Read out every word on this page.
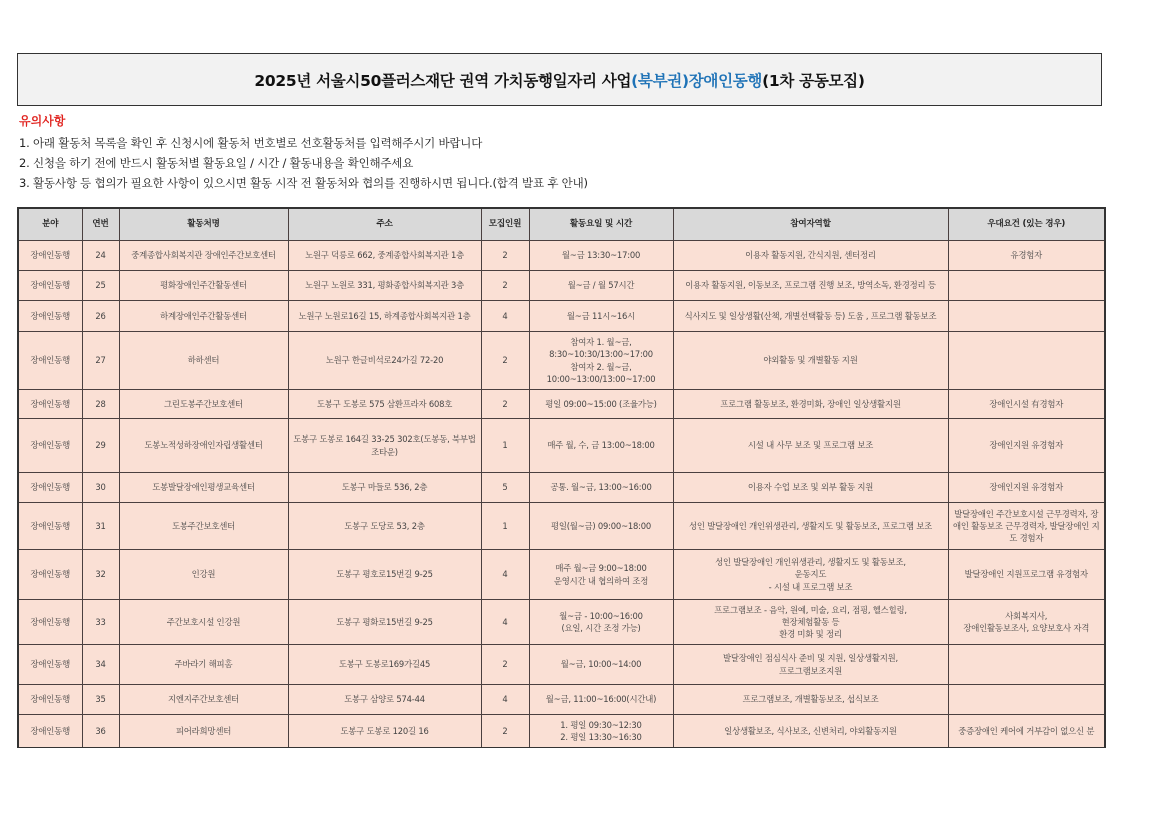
2025년 서울시50플러스재단 권역 가치동행일자리 사업 (북부권) 장애인동행 (1차 공동모집)
유의사항
1. 아래 활동처 목록을 확인 후 신청시에 활동처 번호별로 선호활동처를 입력해주시기 바랍니다
2. 신청을 하기 전에 반드시 활동처별 활동요일 / 시간 / 활동내용을 확인해주세요
3. 활동사항 등 협의가 필요한 사항이 있으시면 활동 시작 전 활동처와 협의를 진행하시면 됩니다.(합격 발표 후 안내)
분야	연번	활동처명	주소	모집인원	활동요일 및 시간	참여자역할	우대요건 (있는 경우)
장애인동행	24	중계종합사회복지관 장애인주간보호센터	노원구 덕릉로 662, 중계종합사회복지관 1층	2	월~금 13:30~17:00	이용자 활동지원, 간식지원, 센터정리	유경험자
장애인동행	25	평화장애인주간활동센터	노원구 노원로 331, 평화종합사회복지관 3층	2	월~금 / 월 57시간	이용자 활동지원, 이동보조, 프로그램 진행 보조, 방역소독, 환경정리 등	
장애인동행	26	하계장애인주간활동센터	노원구 노원로16길 15, 하계종합사회복지관 1층	4	월~금 11시~16시	식사지도 및 일상생활(산책, 개별선택활동 등) 도움 , 프로그램 활동보조	
장애인동행	27	하하센터	노원구 한글비석로24가길 72-20	2	참여자 1. 월~금,
8:30~10:30/13:00~17:00
참여자 2. 월~금,
10:00~13:00/13:00~17:00	야외활동 및 개별활동 지원	
장애인동행	28	그린도봉주간보호센터	도봉구 도봉로 575 삼환프라자 608호	2	평일 09:00~15:00 (조율가능)	프로그램 활동보조, 환경미화, 장애인 일상생활지원	장애인시설 有경험자
장애인동행	29	도봉노적성하장애인자립생활센터	도봉구 도봉로 164길 33-25 302호(도봉동, 북부법조타운)	1	매주 월, 수, 금 13:00~18:00	시설 내 사무 보조 및 프로그램 보조	장애인지원 유경험자
장애인동행	30	도봉발달장애인평생교육센터	도봉구 마들로 536, 2층	5	공통. 월~금, 13:00~16:00	이용자 수업 보조 및 외부 활동 지원	장애인지원 유경험자
장애인동행	31	도봉주간보호센터	도봉구 도당로 53, 2층	1	평일(월~금) 09:00~18:00	성인 발달장애인 개인위생관리, 생활지도 및 활동보조, 프로그램 보조	발달장애인 주간보호시설 근무경력자, 장애인 활동보조 근무경력자, 발달장애인 지도 경험자
장애인동행	32	인강원	도봉구 평호로15번길 9-25	4	매주 월~금 9:00~18:00
운영시간 내 협의하여 조정	성인 발달장애인 개인위생관리, 생활지도 및 활동보조,
운동지도
- 시설 내 프로그램 보조	발달장애인 지원프로그램 유경험자
장애인동행	33	주간보호시설 인강원	도봉구 평화로15번길 9-25	4	월~금 - 10:00~16:00
(요일, 시간 조정 가능)	프로그램보조 - 음악, 원예, 미술, 요리, 점핑, 헬스힐링,
현장체험활동 등
환경 미화 및 정리	사회복지사,
장애인활동보조사, 요양보호사 자격
장애인동행	34	주바라기 해피홈	도봉구 도봉로169가길45	2	월~금, 10:00~14:00	발달장애인 점심식사 준비 및 지원, 일상생활지원,
프로그램보조지원	
장애인동행	35	지엔지주간보호센터	도봉구 삼양로 574-44	4	월~금, 11:00~16:00(시간내)	프로그램보조, 개별활동보조, 섭식보조	
장애인동행	36	피어라희망센터	도봉구 도봉로 120길 16	2	1. 평일 09:30~12:30
2. 평일 13:30~16:30	일상생활보조, 식사보조, 신변처리, 야외활동지원	중증장애인 케어에 거부감이 없으신 분
